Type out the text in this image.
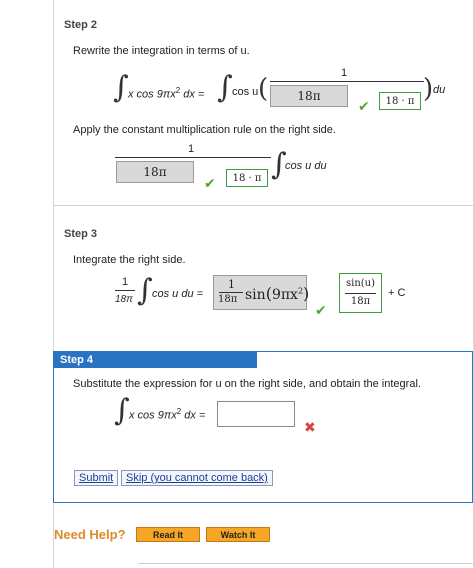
Step 2
Rewrite the integration in terms of u.
∫ x $\cos 9\pi x^2$ dx = ∫ cos u (
1
18π
✔	18 · π ) du
Apply the constant multiplication rule on the right side.
1
18π
✔	18 · π ∫
cos u du
Step 3
Integrate the right side.
1
18π ∫ cos u du =
1
18π $\sin(9\pi x^2)$
✔
sin(u)
18π
+ C
Step 4
Substitute the expression for u on the right side, and obtain the integral.
∫ x $\cos 9\pi x^2$ dx =
✖
Submit	Skip (you cannot come back)
Need Help?	Read It	Watch It
